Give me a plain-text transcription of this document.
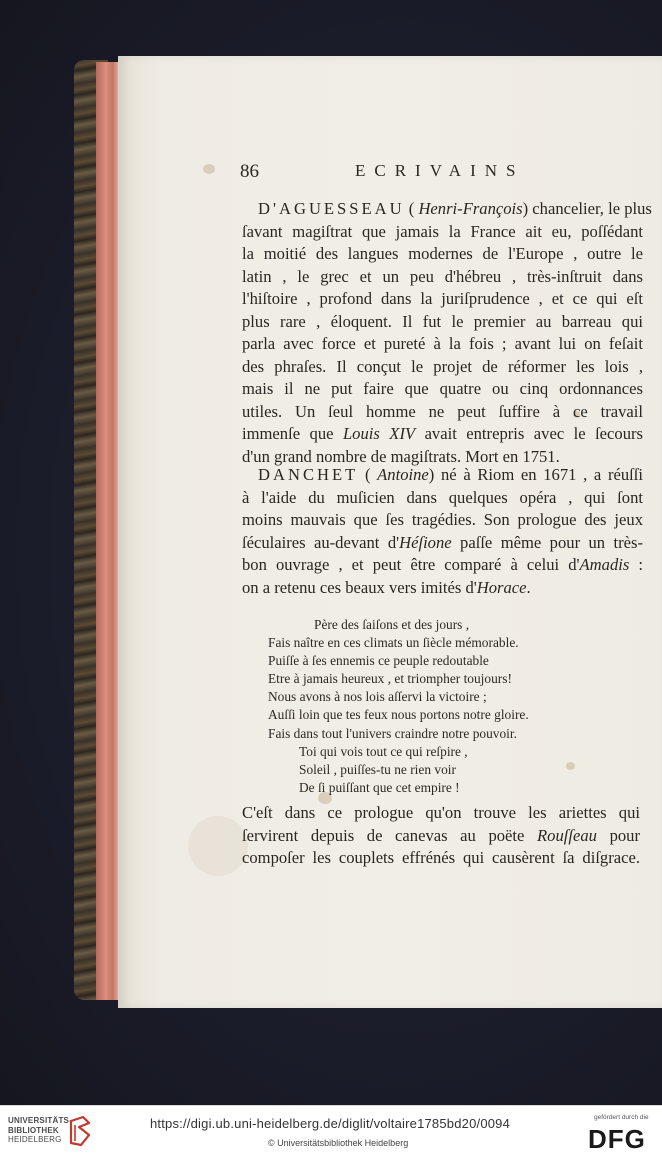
86	ECRIVAINS
D'AGUESSEAU ( Henri-François) chancelier, le plus
ſavant magiſtrat que jamais la France ait eu, poſſédant
la moitié des langues modernes de l'Europe , outre le
latin , le grec et un peu d'hébreu , très-inſtruit dans
l'hiſtoire , profond dans la juriſprudence , et ce qui eſt
plus rare , éloquent. Il fut le premier au barreau qui
parla avec force et pureté à la fois ; avant lui on feſait
des phraſes. Il conçut le projet de réformer les lois ,
mais il ne put faire que quatre ou cinq ordonnances
utiles. Un ſeul homme ne peut ſuffire à ce travail
immenſe que Louis XIV avait entrepris avec le ſecours
d'un grand nombre de magiſtrats. Mort en 1751.
DANCHET ( Antoine) né à Riom en 1671 , a réuſſi
à l'aide du muſicien dans quelques opéra , qui ſont
moins mauvais que ſes tragédies. Son prologue des jeux
ſéculaires au-devant d'Héſione paſſe même pour un très-
bon ouvrage , et peut être comparé à celui d'Amadis :
on a retenu ces beaux vers imités d'Horace.
Père des ſaiſons et des jours ,
Fais naître en ces climats un ſiècle mémorable.
Puiſſe à ſes ennemis ce peuple redoutable
Etre à jamais heureux , et triompher toujours!
Nous avons à nos lois aſſervi la victoire ;
Auſſi loin que tes feux nous portons notre gloire.
Fais dans tout l'univers craindre notre pouvoir.
Toi qui vois tout ce qui reſpire ,
Soleil , puiſſes-tu ne rien voir
De ſi puiſſant que cet empire !
C'eſt dans ce prologue qu'on trouve les ariettes qui
ſervirent depuis de canevas au poëte Rouſſeau pour
compoſer les couplets effrénés qui causèrent ſa diſgrace.
UNIVERSITÄTS-
BIBLIOTHEK
HEIDELBERG
https://digi.ub.uni-heidelberg.de/diglit/voltaire1785bd20/0094
© Universitätsbibliothek Heidelberg
gefördert durch die
DFG
